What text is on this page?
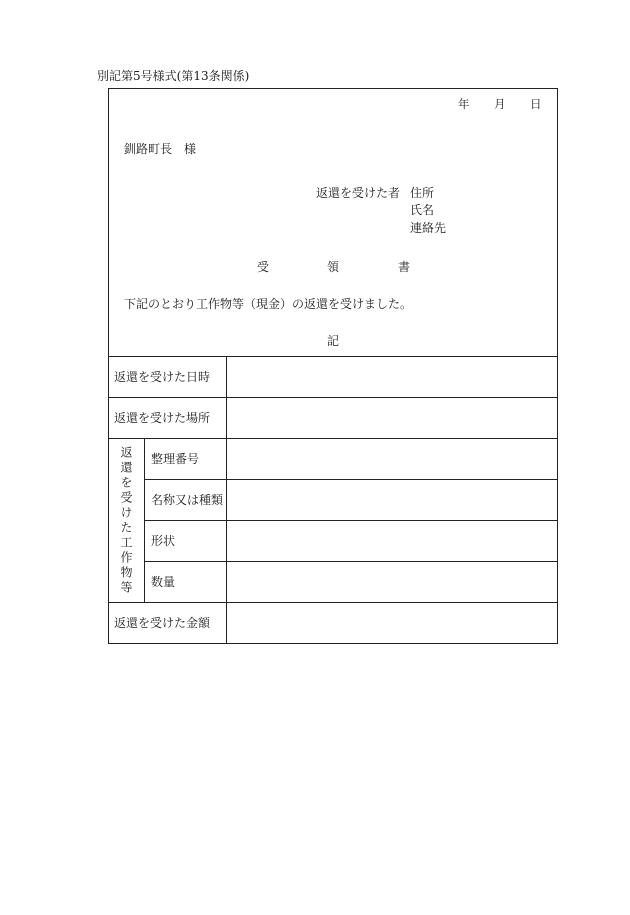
別記第5号様式(第13条関係)
年 月 日
釧路町長　様
返還を受けた者 住所
氏名
連絡先
受	領	書
下記のとおり工作物等（現金）の返還を受けました。
記
返還を受けた日時
返還を受けた場所
返還を受けた工作物等 整理番号
名称又は種類
形状
数量
返還を受けた金額
